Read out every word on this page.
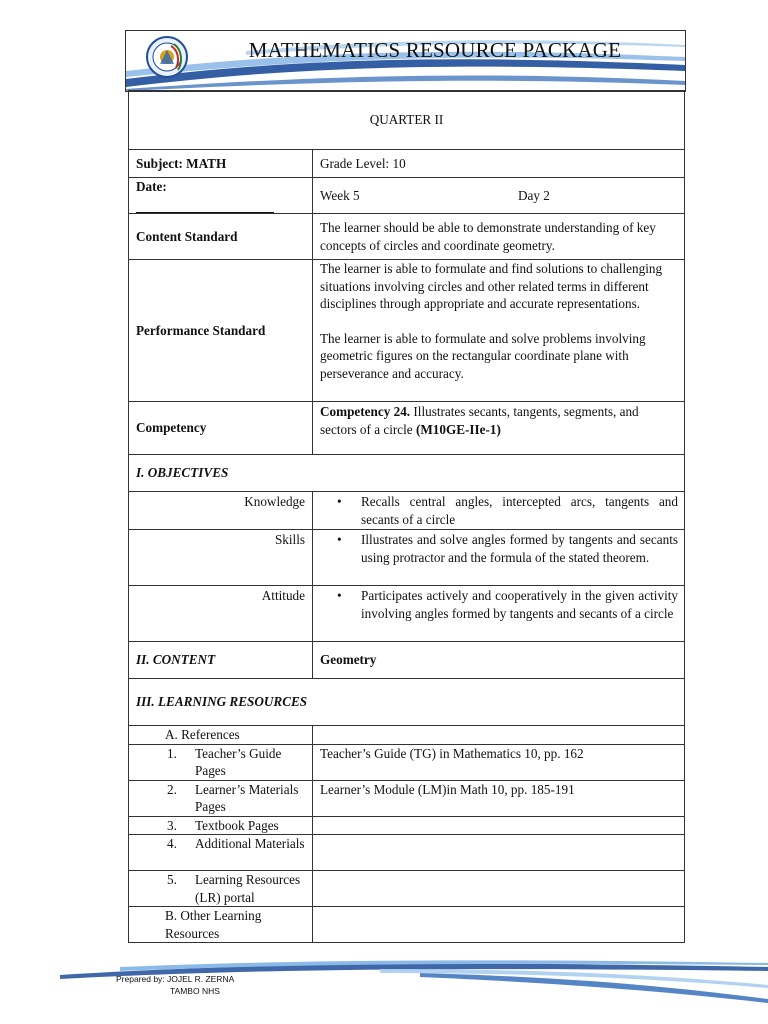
MATHEMATICS RESOURCE PACKAGE
QUARTER II	
Subject: MATH	Grade Level: 10
Date:	Week 5 Day 2
Content Standard	The learner should be able to demonstrate understanding of key concepts of circles and coordinate geometry.
Performance Standard	The learner is able to formulate and find solutions to challenging situations involving circles and other related terms in different disciplines through appropriate and accurate representations.
The learner is able to formulate and solve problems involving geometric figures on the rectangular coordinate plane with perseverance and accuracy.

Competency	Competency 24. Illustrates secants, tangents, segments, and sectors of a circle (M10GE-IIe-1)
I. OBJECTIVES	
Knowledge	• Recalls central angles, intercepted arcs, tangents and secants of a circle

Skills	• Illustrates and solve angles formed by tangents and secants using protractor and the formula of the stated theorem.

Attitude	• Participates actively and cooperatively in the given activity involving angles formed by tangents and secants of a circle

II. CONTENT	Geometry
III. LEARNING RESOURCES	
A. References	

1. Teacher’s Guide Pages	Teacher’s Guide (TG) in Mathematics 10, pp. 162

2. Learner’s Materials Pages	Learner’s Module (LM)in Math 10, pp. 185-191

3. Textbook Pages	

4. Additional Materials	

5. Learning Resources (LR) portal	

B. Other Learning Resources	
Prepared by: JOJEL R. ZERNA
TAMBO NHS
